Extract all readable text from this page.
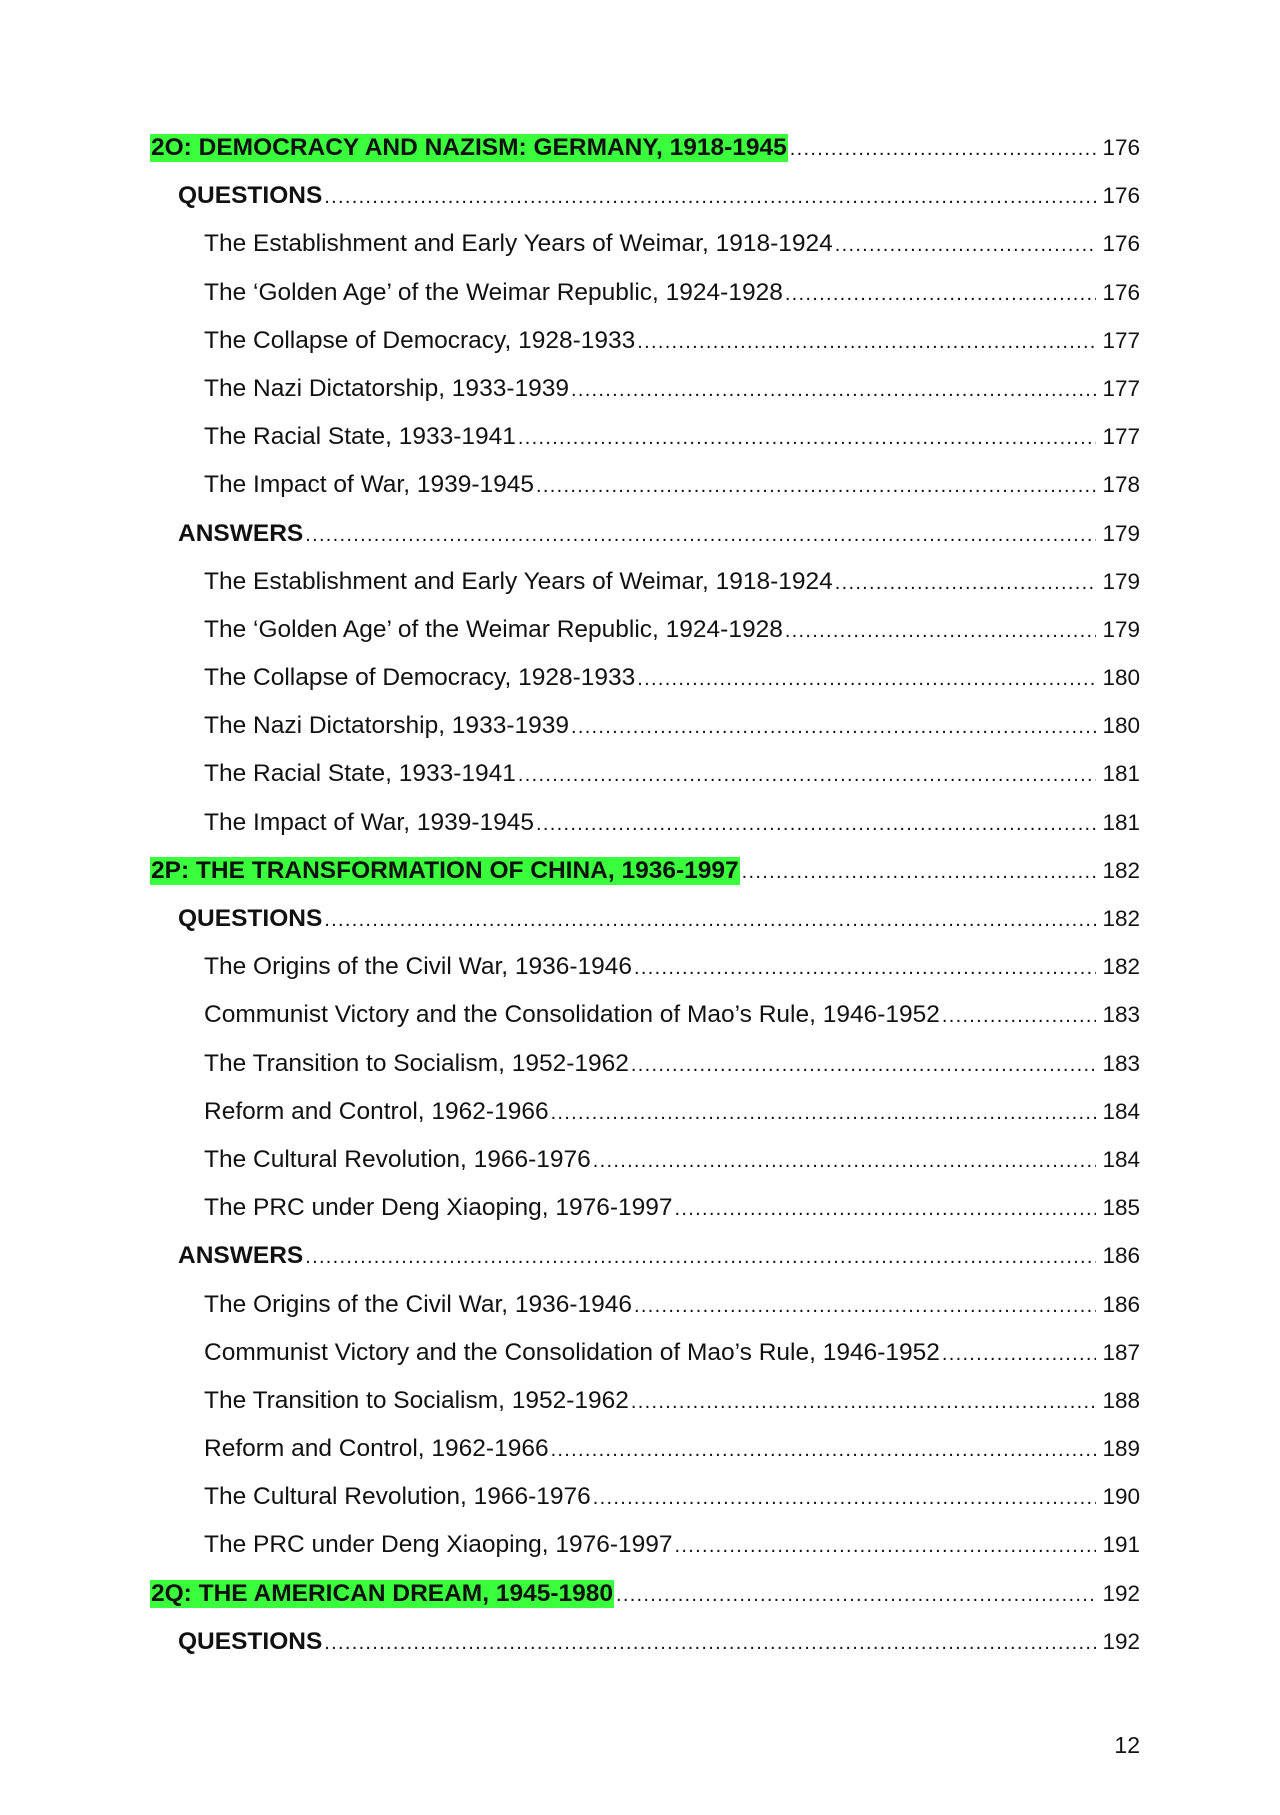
2O: DEMOCRACY AND NAZISM: GERMANY, 1918-1945 .....	176
QUESTIONS .....	176
The Establishment and Early Years of Weimar, 1918-1924 .....	176
The ‘Golden Age’ of the Weimar Republic, 1924-1928 .....	176
The Collapse of Democracy, 1928-1933 .....	177
The Nazi Dictatorship, 1933-1939 .....	177
The Racial State, 1933-1941 .....	177
The Impact of War, 1939-1945 .....	178
ANSWERS .....	179
The Establishment and Early Years of Weimar, 1918-1924 .....	179
The ‘Golden Age’ of the Weimar Republic, 1924-1928 .....	179
The Collapse of Democracy, 1928-1933 .....	180
The Nazi Dictatorship, 1933-1939 .....	180
The Racial State, 1933-1941 .....	181
The Impact of War, 1939-1945 .....	181
2P: THE TRANSFORMATION OF CHINA, 1936-1997 .....	182
QUESTIONS .....	182
The Origins of the Civil War, 1936-1946 .....	182
Communist Victory and the Consolidation of Mao’s Rule, 1946-1952 .....	183
The Transition to Socialism, 1952-1962 .....	183
Reform and Control, 1962-1966 .....	184
The Cultural Revolution, 1966-1976 .....	184
The PRC under Deng Xiaoping, 1976-1997 .....	185
ANSWERS .....	186
The Origins of the Civil War, 1936-1946 .....	186
Communist Victory and the Consolidation of Mao’s Rule, 1946-1952 .....	187
The Transition to Socialism, 1952-1962 .....	188
Reform and Control, 1962-1966 .....	189
The Cultural Revolution, 1966-1976 .....	190
The PRC under Deng Xiaoping, 1976-1997 .....	191
2Q: THE AMERICAN DREAM, 1945-1980 .....	192
QUESTIONS .....	192
12
